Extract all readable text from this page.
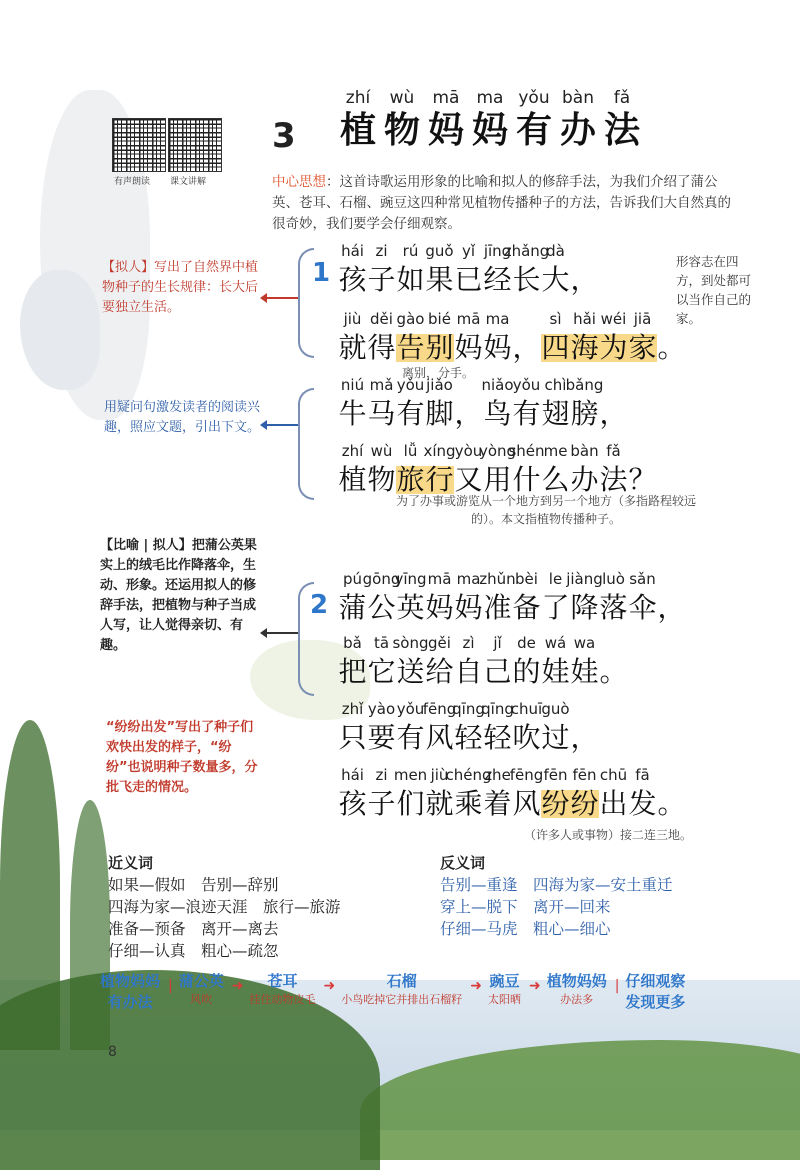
有声朗读 课文讲解
3
zhí
植
wù
物
mā
妈
ma
妈
yǒu
有
bàn
办
fǎ
法
中心思想：这首诗歌运用形象的比喻和拟人的修辞手法，为我们介绍了蒲公英、苍耳、石榴、豌豆这四种常见植物传播种子的方法，告诉我们大自然真的很奇妙，我们要学会仔细观察。
1
2
hái
孩
zi
子
rú
如
guǒ
果
yǐ
已
jīng
经
zhǎng
长
dà
大 ，
jiù
就
děi
得
gào
告
bié
别
mā
妈
ma
妈 ，
sì
四
hǎi
海
wéi
为
jiā
家 。
niú
牛
mǎ
马
yǒu
有
jiǎo
脚 ，
niǎo
鸟
yǒu
有
chì
翅
bǎng
膀 ，
zhí
植
wù
物
lǚ
旅
xíng
行
yòu
又
yòng
用
shén
什
me
么
bàn
办
fǎ
法 ？
pú
蒲
gōng
公
yīng
英
mā
妈
ma
妈
zhǔn
准
bèi
备
le
了
jiàng
降
luò
落
sǎn
伞 ，
bǎ
把
tā
它
sòng
送
gěi
给
zì
自
jǐ
己
de
的
wá
娃
wa
娃 。
zhǐ
只
yào
要
yǒu
有
fēng
风
qīng
轻
qīng
轻
chuī
吹
guò
过 ，
hái
孩
zi
子
men
们
jiù
就
chéng
乘
zhe
着
fēng
风
fēn
纷
fēn
纷
chū
出
fā
发 。
形容志在四方，到处都可以当作自己的家。
离别，分手。
为了办事或游览从一个地方到另一个地方（多指路程较远的）。本文指植物传播种子。
（许多人或事物）接二连三地。
【拟人】写出了自然界中植物种子的生长规律：长大后要独立生活。
用疑问句激发读者的阅读兴趣，照应文题，引出下文。
【比喻 | 拟人】把蒲公英果实上的绒毛比作降落伞，生动、形象。还运用拟人的修辞手法，把植物与种子当成人写，让人觉得亲切、有趣。
“纷纷出发”写出了种子们欢快出发的样子，“纷纷”也说明种子数量多，分批飞走的情况。
近义词
如果—假如　告别—辞别
四海为家—浪迹天涯　旅行—旅游
准备—预备　离开—离去
仔细—认真　粗心—疏忽
反义词
告别—重逢　四海为家—安土重迁
穿上—脱下　离开—回来
仔细—马虎　粗心—细心
植物妈妈
有办法
| 蒲公英
风吹
➜ 苍耳
挂住动物皮毛
➜	石榴
小鸟吃掉它并排出石榴籽
➜ 豌豆
太阳晒
➜ 植物妈妈
办法多
| 仔细观察
发现更多
8
